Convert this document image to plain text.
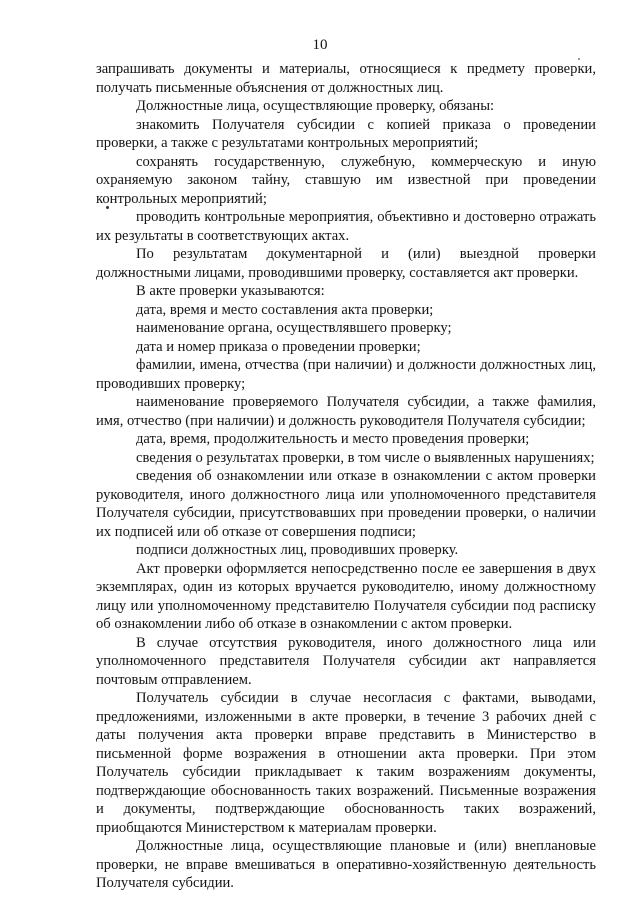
10

запрашивать документы и материалы, относящиеся к предмету проверки, получать письменные объяснения от должностных лиц.

Должностные лица, осуществляющие проверку, обязаны:

знакомить Получателя субсидии с копией приказа о проведении проверки, а также с результатами контрольных мероприятий;

сохранять государственную, служебную, коммерческую и иную охраняемую законом тайну, ставшую им известной при проведении контрольных мероприятий;

проводить контрольные мероприятия, объективно и достоверно отражать их результаты в соответствующих актах.

По результатам документарной и (или) выездной проверки должностными лицами, проводившими проверку, составляется акт проверки.

В акте проверки указываются:

дата, время и место составления акта проверки;

наименование органа, осуществлявшего проверку;

дата и номер приказа о проведении проверки;

фамилии, имена, отчества (при наличии) и должности должностных лиц, проводивших проверку;

наименование проверяемого Получателя субсидии, а также фамилия, имя, отчество (при наличии) и должность руководителя Получателя субсидии;

дата, время, продолжительность и место проведения проверки;

сведения о результатах проверки, в том числе о выявленных нарушениях;

сведения об ознакомлении или отказе в ознакомлении с актом проверки руководителя, иного должностного лица или уполномоченного представителя Получателя субсидии, присутствовавших при проведении проверки, о наличии их подписей или об отказе от совершения подписи;

подписи должностных лиц, проводивших проверку.

Акт проверки оформляется непосредственно после ее завершения в двух экземплярах, один из которых вручается руководителю, иному должностному лицу или уполномоченному представителю Получателя субсидии под расписку об ознакомлении либо об отказе в ознакомлении с актом проверки.

В случае отсутствия руководителя, иного должностного лица или уполномоченного представителя Получателя субсидии акт направляется почтовым отправлением.

Получатель субсидии в случае несогласия с фактами, выводами, предложениями, изложенными в акте проверки, в течение 3 рабочих дней с даты получения акта проверки вправе представить в Министерство в письменной форме возражения в отношении акта проверки. При этом Получатель субсидии прикладывает к таким возражениям документы, подтверждающие обоснованность таких возражений. Письменные возражения и документы, подтверждающие обоснованность таких возражений, приобщаются Министерством к материалам проверки.

Должностные лица, осуществляющие плановые и (или) внеплановые проверки, не вправе вмешиваться в оперативно-хозяйственную деятельность Получателя субсидии.
